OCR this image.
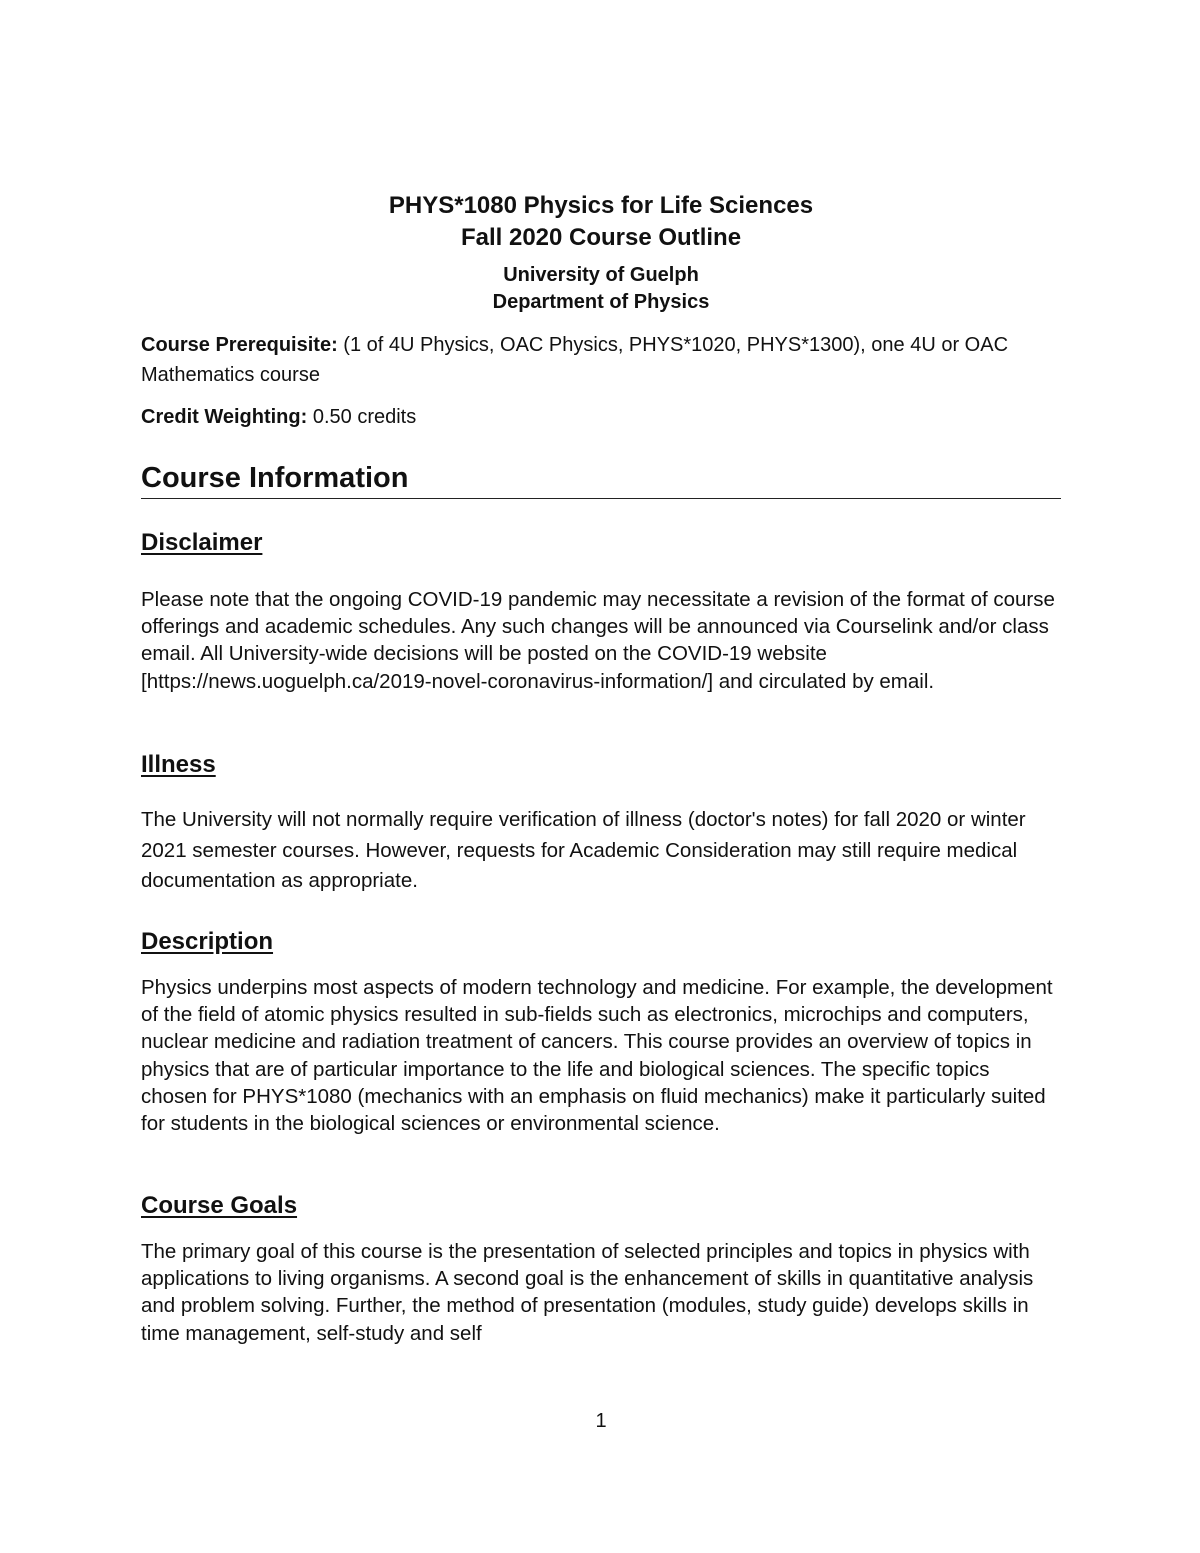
PHYS*1080 Physics for Life Sciences

Fall 2020 Course Outline

University of Guelph

Department of Physics

Course Prerequisite: (1 of 4U Physics, OAC Physics, PHYS*1020, PHYS*1300), one 4U or OAC Mathematics course

Credit Weighting: 0.50 credits

Course Information
Disclaimer

Please note that the ongoing COVID-19 pandemic may necessitate a revision of the format of course offerings and academic schedules. Any such changes will be announced via Courselink and/or class email. All University-wide decisions will be posted on the COVID-19 website [https://news.uoguelph.ca/2019-novel-coronavirus-information/] and circulated by email.

Illness

The University will not normally require verification of illness (doctor's notes) for fall 2020 or winter 2021 semester courses. However, requests for Academic Consideration may still require medical documentation as appropriate.

Description

Physics underpins most aspects of modern technology and medicine. For example, the development of the field of atomic physics resulted in sub-fields such as electronics, microchips and computers, nuclear medicine and radiation treatment of cancers. This course provides an overview of topics in physics that are of particular importance to the life and biological sciences. The specific topics chosen for PHYS*1080 (mechanics with an emphasis on fluid mechanics) make it particularly suited for students in the biological sciences or environmental science.

Course Goals

The primary goal of this course is the presentation of selected principles and topics in physics with applications to living organisms. A second goal is the enhancement of skills in quantitative analysis and problem solving. Further, the method of presentation (modules, study guide) develops skills in time management, self-study and self

1
